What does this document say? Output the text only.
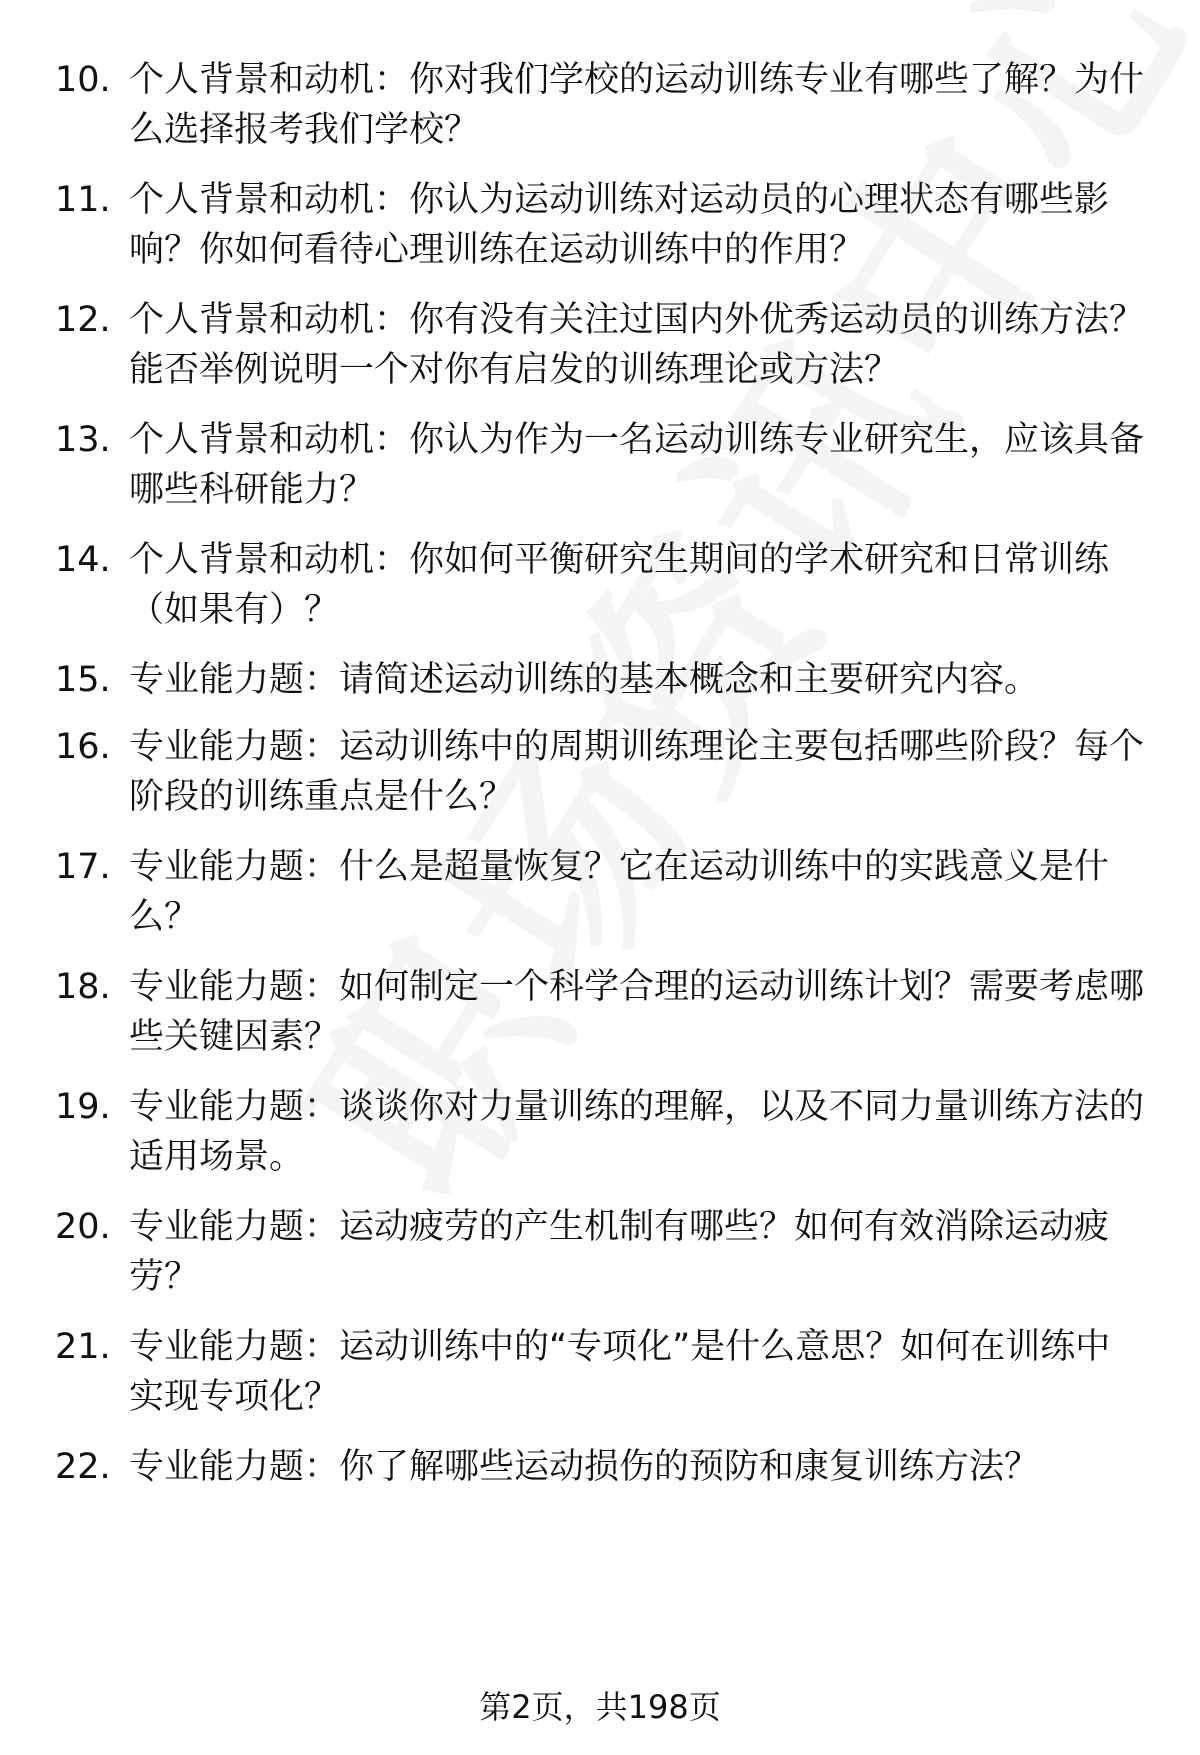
10. 个人背景和动机：你对我们学校的运动训练专业有哪些了解？为什么选择报考我们学校？
11. 个人背景和动机：你认为运动训练对运动员的心理状态有哪些影响？你如何看待心理训练在运动训练中的作用？
12. 个人背景和动机：你有没有关注过国内外优秀运动员的训练方法？能否举例说明一个对你有启发的训练理论或方法？
13. 个人背景和动机：你认为作为一名运动训练专业研究生，应该具备哪些科研能力？
14. 个人背景和动机：你如何平衡研究生期间的学术研究和日常训练（如果有）？
15. 专业能力题：请简述运动训练的基本概念和主要研究内容。
16. 专业能力题：运动训练中的周期训练理论主要包括哪些阶段？每个阶段的训练重点是什么？
17. 专业能力题：什么是超量恢复？它在运动训练中的实践意义是什么？
18. 专业能力题：如何制定一个科学合理的运动训练计划？需要考虑哪些关键因素？
19. 专业能力题：谈谈你对力量训练的理解，以及不同力量训练方法的适用场景。
20. 专业能力题：运动疲劳的产生机制有哪些？如何有效消除运动疲劳？
21. 专业能力题：运动训练中的“专项化”是什么意思？如何在训练中实现专项化？
22. 专业能力题：你了解哪些运动损伤的预防和康复训练方法？
第2页，共198页
